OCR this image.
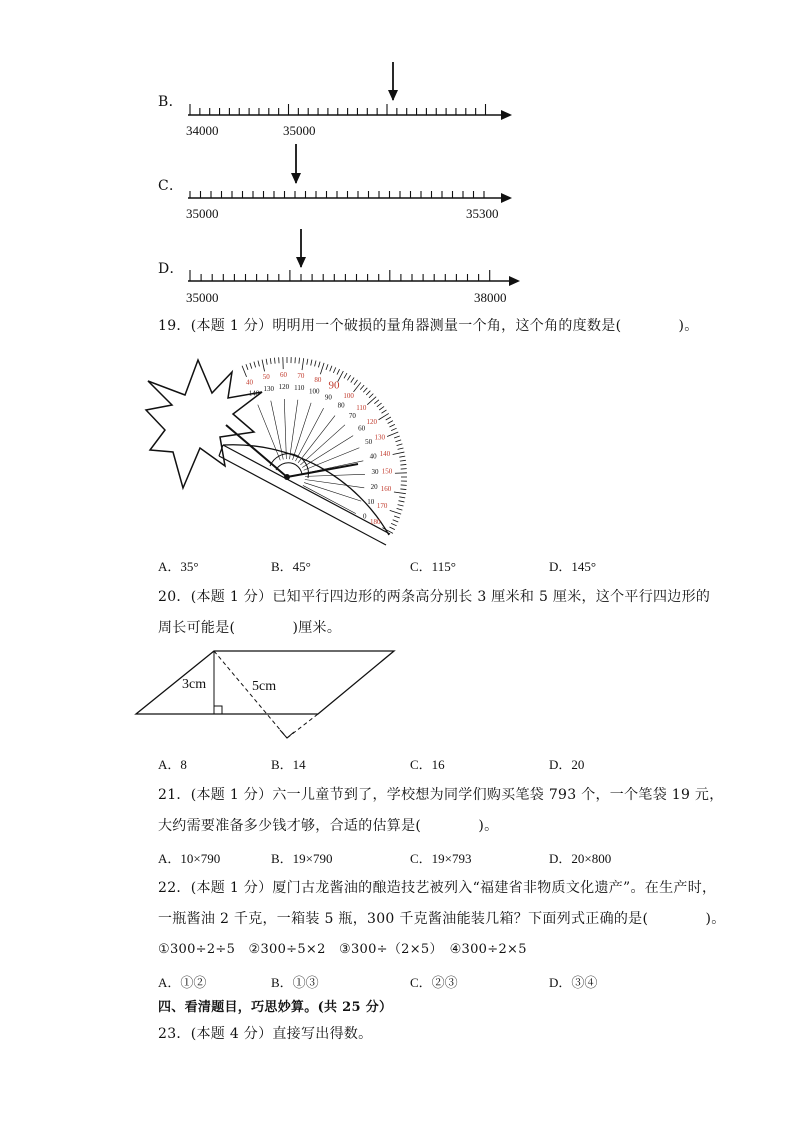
B．
34000	35000
C．
35000	35300
D．
35000	38000
19．(本题 1 分）明明用一个破损的量角器测量一个角，这个角的度数是(　　　　)。
40
50 60 70 80 90
100
110
120
130
140
150
160
170
180
140
130 120 110 100
90
80
70
60
50
40
30
20
10
0
A．35°	B．45°	C．115°	D．145°
20．(本题 1 分）已知平行四边形的两条高分别长 3 厘米和 5 厘米，这个平行四边形的
周长可能是(　　　　)厘米。
3cm	5cm
A．8	B．14	C．16	D．20
21．(本题 1 分）六一儿童节到了，学校想为同学们购买笔袋 793 个，一个笔袋 19 元，
大约需要准备多少钱才够，合适的估算是(　　　　)。
A．10×790	B．19×790	C．19×793	D．20×800
22．(本题 1 分）厦门古龙酱油的酿造技艺被列入“福建省非物质文化遗产”。在生产时，
一瓶酱油 2 千克，一箱装 5 瓶，300 千克酱油能装几箱？下面列式正确的是(　　　　)。
①300÷2÷5　②300÷5×2　③300÷（2×5）　④300÷2×5
A．①②	B．①③	C．②③	D．③④
四、看清题目，巧思妙算。(共 25 分）
23．(本题 4 分）直接写出得数。
